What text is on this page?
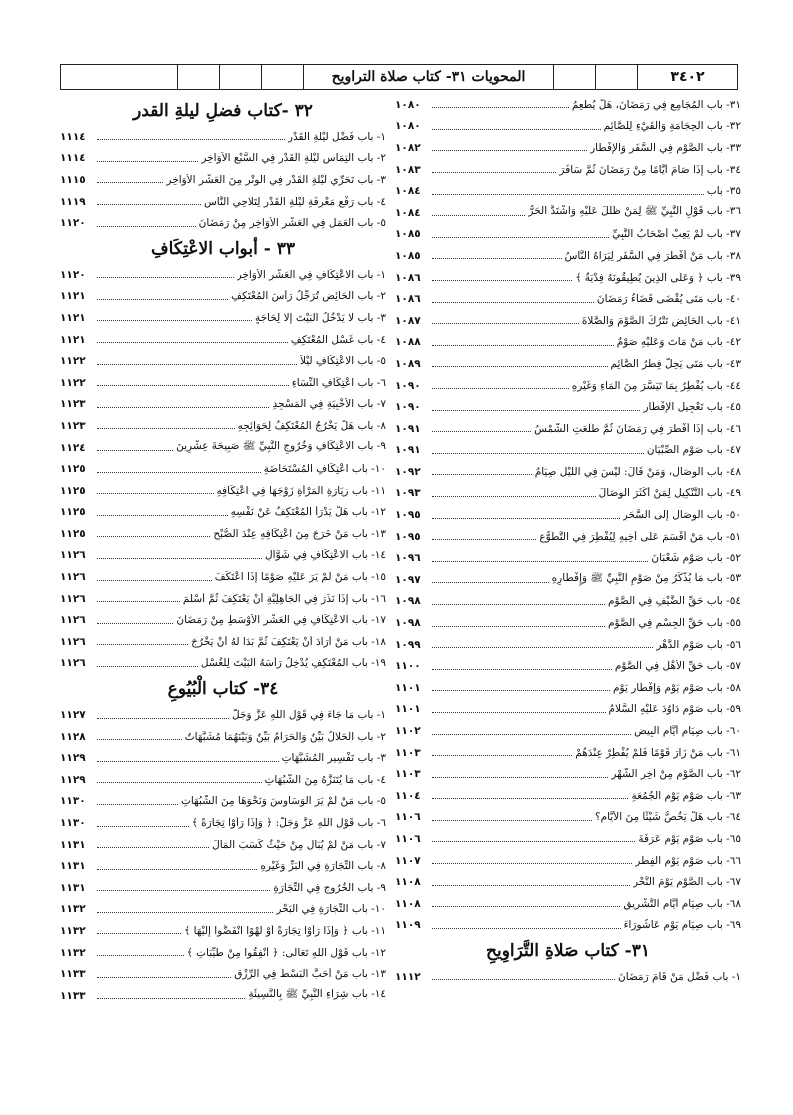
٣٤٠٢
المحويات ٣١- كتاب صلاة التراويح
٣١- باب الْمُجَامِعِ فِي رَمَضَانَ، هَلْ يُطْعِمُ
١٠٨٠
٣٢- باب الْحِجَامَةِ وَالْقَيْءِ لِلصَّائِمِ
١٠٨٠
٣٣- باب الصَّوْمِ فِي السَّفَرِ وَالإِفْطَارِ
١٠٨٢
٣٤- باب إِذَا صَامَ أَيَّامًا مِنْ رَمَضَانَ ثُمَّ سَافَرَ
١٠٨٣
٣٥- باب
١٠٨٤
٣٦- باب قَوْلِ النَّبِيِّ ﷺ لِمَنْ ظُلِّلَ عَلَيْهِ وَاشْتَدَّ الْحَرُّ
١٠٨٤
٣٧- باب لَمْ يَعِبْ أَصْحَابُ النَّبِيِّ
١٠٨٥
٣٨- باب مَنْ أَفْطَرَ فِي السَّفَرِ لِيَرَاهُ النَّاسُ
١٠٨٥
٣٩- باب ﴿ وَعَلَى الَّذِينَ يُطِيقُونَهُ فِدْيَةٌ ﴾
١٠٨٦
٤٠- باب مَتَى يُقْضَى قَضَاءُ رَمَضَانَ
١٠٨٦
٤١- باب الْحَائِضِ تَتْرُكُ الصَّوْمَ وَالصَّلاةَ
١٠٨٧
٤٢- باب مَنْ مَاتَ وَعَلَيْهِ صَوْمٌ
١٠٨٨
٤٣- باب مَتَى يَحِلُّ فِطْرُ الصَّائِمِ
١٠٨٩
٤٤- باب يُفْطِرُ بِمَا تَيَسَّرَ مِنَ الْمَاءِ وَغَيْرِهِ
١٠٩٠
٤٥- باب تَعْجِيلِ الإِفْطَارِ
١٠٩٠
٤٦- باب إِذَا أَفْطَرَ فِي رَمَضَانَ ثُمَّ طَلَعَتِ الشَّمْسُ
١٠٩١
٤٧- باب صَوْمِ الصِّبْيَانِ
١٠٩١
٤٨- باب الْوِصَالِ، وَمَنْ قَالَ: لَيْسَ فِي اللَّيْلِ صِيَامٌ
١٠٩٢
٤٩- باب التَّنْكِيلِ لِمَنْ أَكْثَرَ الْوِصَالَ
١٠٩٣
٥٠- باب الْوِصَالِ إِلَى السَّحَرِ
١٠٩٥
٥١- باب مَنْ أَقْسَمَ عَلَى أَخِيهِ لِيُفْطِرَ فِي التَّطَوُّعِ
١٠٩٥
٥٢- باب صَوْمِ شَعْبَانَ
١٠٩٦
٥٣- باب مَا يُذْكَرُ مِنْ صَوْمِ النَّبِيِّ ﷺ وَإِفْطَارِهِ
١٠٩٧
٥٤- باب حَقِّ الضَّيْفِ فِي الصَّوْمِ
١٠٩٨
٥٥- باب حَقِّ الْجِسْمِ فِي الصَّوْمِ
١٠٩٨
٥٦- باب صَوْمِ الدَّهْرِ
١٠٩٩
٥٧- باب حَقِّ الأَهْلِ فِي الصَّوْمِ
١١٠٠
٥٨- باب صَوْمِ يَوْمٍ وَإِفْطَارِ يَوْمٍ
١١٠١
٥٩- باب صَوْمِ دَاوُدَ عَلَيْهِ السَّلامُ
١١٠١
٦٠- باب صِيَامِ أَيَّامِ الْبِيضِ
١١٠٢
٦١- باب مَنْ زَارَ قَوْمًا فَلَمْ يُفْطِرْ عِنْدَهُمْ
١١٠٣
٦٢- باب الصَّوْمِ مِنْ آخِرِ الشَّهْرِ
١١٠٣
٦٣- باب صَوْمِ يَوْمِ الْجُمُعَةِ
١١٠٤
٦٤- باب هَلْ يَخُصُّ شَيْئًا مِنَ الأَيَّامِ؟
١١٠٦
٦٥- باب صَوْمِ يَوْمِ عَرَفَةَ
١١٠٦
٦٦- باب صَوْمِ يَوْمِ الْفِطْرِ
١١٠٧
٦٧- باب الصَّوْمِ يَوْمَ النَّحْرِ
١١٠٨
٦٨- باب صِيَامِ أَيَّامِ التَّشْرِيقِ
١١٠٨
٦٩- باب صِيَامِ يَوْمِ عَاشُورَاءَ
١١٠٩
٣١- كتاب صَلاةِ التَّرَاوِيحِ
١- باب فَضْلِ مَنْ قَامَ رَمَضَانَ
١١١٢
٣٢ -كتاب فضلِ ليلةِ القدر
١- باب فَضْلِ لَيْلَةِ الْقَدْرِ
١١١٤
٢- باب الْتِمَاسِ لَيْلَةِ الْقَدْرِ فِي السَّبْعِ الأَوَاخِرِ
١١١٤
٣- باب تَحَرِّي لَيْلَةِ الْقَدْرِ فِي الْوِتْرِ مِنَ الْعَشْرِ الأَوَاخِرِ
١١١٥
٤- باب رَفْعِ مَعْرِفَةِ لَيْلَةِ الْقَدْرِ لِتَلاحِي النَّاسِ
١١١٩
٥- باب الْعَمَلِ فِي الْعَشْرِ الأَوَاخِرِ مِنْ رَمَضَانَ
١١٢٠
٣٣ - أبواب الاعْتِكَافِ
١- باب الاعْتِكَافِ فِي الْعَشْرِ الأَوَاخِرِ
١١٢٠
٢- باب الْحَائِضِ تُرَجِّلُ رَأْسَ الْمُعْتَكِفِ
١١٢١
٣- باب لا يَدْخُلُ الْبَيْتَ إِلا لِحَاجَةٍ
١١٢١
٤- باب غَسْلِ الْمُعْتَكِفِ
١١٢١
٥- باب الاعْتِكَافِ لَيْلاً
١١٢٢
٦- باب اعْتِكَافِ النِّسَاءِ
١١٢٢
٧- باب الأَخْبِيَةِ فِي الْمَسْجِدِ
١١٢٣
٨- باب هَلْ يَخْرُجُ الْمُعْتَكِفُ لِحَوَائِجِهِ
١١٢٣
٩- باب الاعْتِكَافِ وَخُرُوجِ النَّبِيِّ ﷺ صَبِيحَةَ عِشْرِينَ
١١٢٤
١٠- باب اعْتِكَافِ الْمُسْتَحَاضَةِ
١١٢٥
١١- باب زِيَارَةِ الْمَرْأَةِ زَوْجَهَا فِي اعْتِكَافِهِ
١١٢٥
١٢- باب هَلْ يَدْرَأُ الْمُعْتَكِفُ عَنْ نَفْسِهِ
١١٢٥
١٣- باب مَنْ خَرَجَ مِنَ اعْتِكَافِهِ عِنْدَ الصُّبْحِ
١١٢٥
١٤- باب الاعْتِكَافِ فِي شَوَّالٍ
١١٢٦
١٥- باب مَنْ لَمْ يَرَ عَلَيْهِ صَوْمًا إِذَا اعْتَكَفَ
١١٢٦
١٦- باب إِذَا نَذَرَ فِي الْجَاهِلِيَّةِ أَنْ يَعْتَكِفَ ثُمَّ أَسْلَمَ
١١٢٦
١٧- باب الاعْتِكَافِ فِي الْعَشْرِ الأَوْسَطِ مِنْ رَمَضَانَ
١١٢٦
١٨- باب مَنْ أَرَادَ أَنْ يَعْتَكِفَ ثُمَّ بَدَا لَهُ أَنْ يَخْرُجَ
١١٢٦
١٩- باب الْمُعْتَكِفِ يُدْخِلُ رَأْسَهُ الْبَيْتَ لِلْغُسْلِ
١١٢٦
٣٤- كتاب الْبُيُوعِ
١- باب مَا جَاءَ فِي قَوْلِ اللَّهِ عَزَّ وَجَلَّ
١١٢٧
٢- باب الْحَلالُ بَيِّنٌ وَالْحَرَامُ بَيِّنٌ وَبَيْنَهُمَا مُشَبَّهَاتٌ
١١٢٨
٣- باب تَفْسِيرِ الْمُشَبَّهَاتِ
١١٢٩
٤- باب مَا يُتَنَزَّهُ مِنَ الشُّبُهَاتِ
١١٢٩
٥- باب مَنْ لَمْ يَرَ الْوَسَاوِسَ وَنَحْوَهَا مِنَ الشُّبُهَاتِ
١١٣٠
٦- باب قَوْلِ اللَّهِ عَزَّ وَجَلَّ: ﴿ وَإِذَا رَأَوْا تِجَارَةً ﴾
١١٣٠
٧- باب مَنْ لَمْ يُبَالِ مِنْ حَيْثُ كَسَبَ الْمَالَ
١١٣١
٨- باب التِّجَارَةِ فِي الْبَزِّ وَغَيْرِهِ
١١٣١
٩- باب الْخُرُوجِ فِي التِّجَارَةِ
١١٣١
١٠- باب التِّجَارَةِ فِي الْبَحْرِ
١١٣٢
١١- باب ﴿ وَإِذَا رَأَوْا تِجَارَةً أَوْ لَهْوًا انْفَضُّوا إِلَيْهَا ﴾
١١٣٢
١٢- باب قَوْلِ اللَّهِ تَعَالَى: ﴿ أَنْفِقُوا مِنْ طَيِّبَاتِ ﴾
١١٣٢
١٣- باب مَنْ أَحَبَّ الْبَسْطَ فِي الرِّزْقِ
١١٣٣
١٤- باب شِرَاءِ النَّبِيِّ ﷺ بِالنَّسِيئَةِ
١١٣٣
